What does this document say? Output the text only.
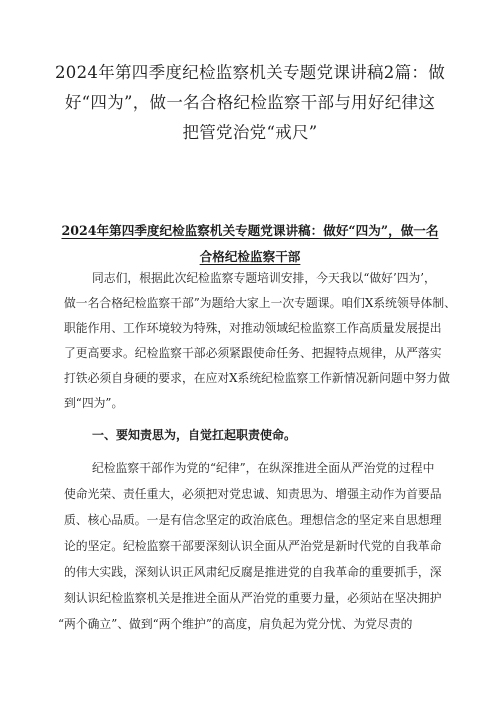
2024年第四季度纪检监察机关专题党课讲稿2篇：做
好“四为”，做一名合格纪检监察干部与用好纪律这
把管党治党“戒尺”
2024年第四季度纪检监察机关专题党课讲稿：做好“四为”，做一名
合格纪检监察干部
同志们，根据此次纪检监察专题培训安排，今天我以“做好’四为’，
做一名合格纪检监察干部”为题给大家上一次专题课。咱们X系统领导体制、
职能作用、工作环境较为特殊，对推动领域纪检监察工作高质量发展提出
了更高要求。纪检监察干部必须紧跟使命任务、把握特点规律，从严落实
打铁必须自身硬的要求，在应对X系统纪检监察工作新情况新问题中努力做
到“四为”。
一、要知责思为，自觉扛起职责使命。
纪检监察干部作为党的“纪律”，在纵深推进全面从严治党的过程中
使命光荣、责任重大，必须把对党忠诚、知责思为、增强主动作为首要品
质、核心品质。一是有信念坚定的政治底色。理想信念的坚定来自思想理
论的坚定。纪检监察干部要深刻认识全面从严治党是新时代党的自我革命
的伟大实践，深刻认识正风肃纪反腐是推进党的自我革命的重要抓手，深
刻认识纪检监察机关是推进全面从严治党的重要力量，必须站在坚决拥护
“两个确立”、做到“两个维护”的高度，肩负起为党分忧、为党尽责的
